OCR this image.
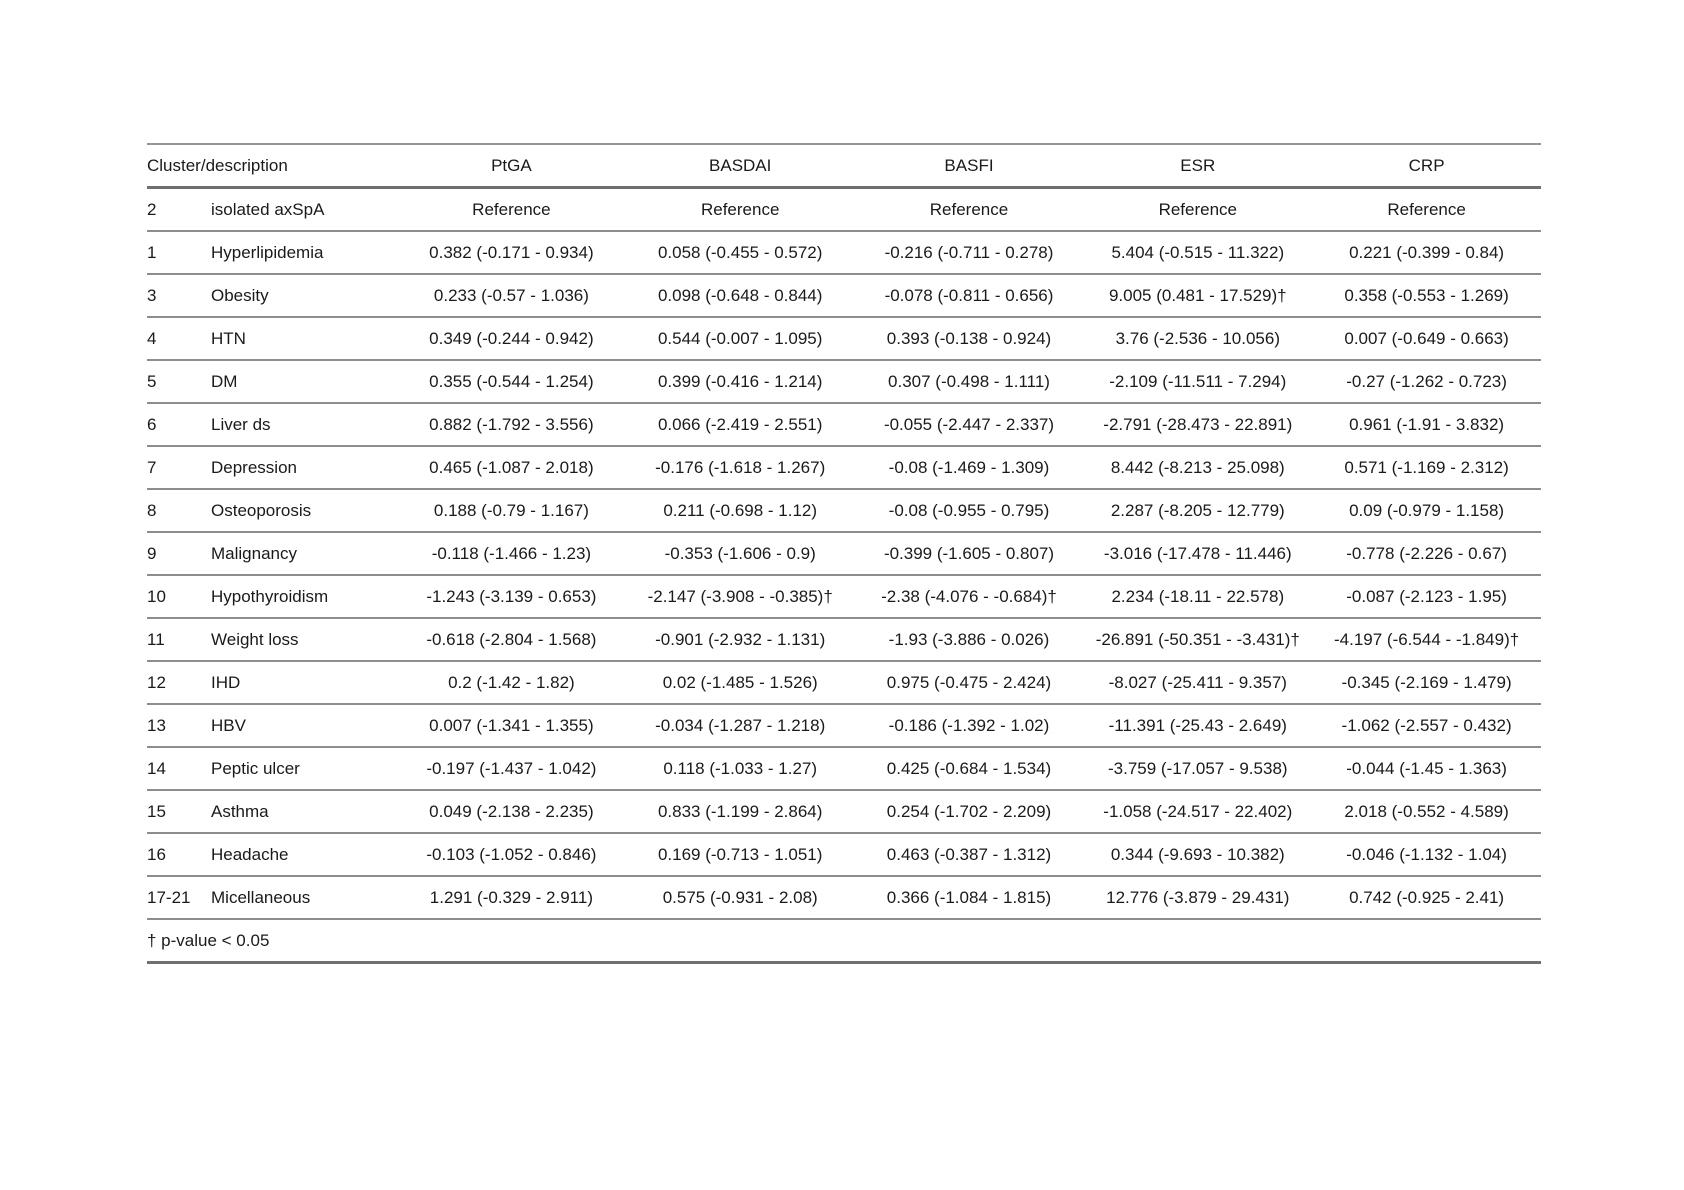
Cluster/description		PtGA	BASDAI	BASFI	ESR	CRP
2	isolated axSpA	Reference	Reference	Reference	Reference	Reference
1	Hyperlipidemia	0.382 (-0.171 - 0.934)	0.058 (-0.455 - 0.572)	-0.216 (-0.711 - 0.278)	5.404 (-0.515 - 11.322)	0.221 (-0.399 - 0.84)
3	Obesity	0.233 (-0.57 - 1.036)	0.098 (-0.648 - 0.844)	-0.078 (-0.811 - 0.656)	9.005 (0.481 - 17.529)†	0.358 (-0.553 - 1.269)
4	HTN	0.349 (-0.244 - 0.942)	0.544 (-0.007 - 1.095)	0.393 (-0.138 - 0.924)	3.76 (-2.536 - 10.056)	0.007 (-0.649 - 0.663)
5	DM	0.355 (-0.544 - 1.254)	0.399 (-0.416 - 1.214)	0.307 (-0.498 - 1.111)	-2.109 (-11.511 - 7.294)	-0.27 (-1.262 - 0.723)
6	Liver ds	0.882 (-1.792 - 3.556)	0.066 (-2.419 - 2.551)	-0.055 (-2.447 - 2.337)	-2.791 (-28.473 - 22.891)	0.961 (-1.91 - 3.832)
7	Depression	0.465 (-1.087 - 2.018)	-0.176 (-1.618 - 1.267)	-0.08 (-1.469 - 1.309)	8.442 (-8.213 - 25.098)	0.571 (-1.169 - 2.312)
8	Osteoporosis	0.188 (-0.79 - 1.167)	0.211 (-0.698 - 1.12)	-0.08 (-0.955 - 0.795)	2.287 (-8.205 - 12.779)	0.09 (-0.979 - 1.158)
9	Malignancy	-0.118 (-1.466 - 1.23)	-0.353 (-1.606 - 0.9)	-0.399 (-1.605 - 0.807)	-3.016 (-17.478 - 11.446)	-0.778 (-2.226 - 0.67)
10	Hypothyroidism	-1.243 (-3.139 - 0.653)	-2.147 (-3.908 - -0.385)†	-2.38 (-4.076 - -0.684)†	2.234 (-18.11 - 22.578)	-0.087 (-2.123 - 1.95)
11	Weight loss	-0.618 (-2.804 - 1.568)	-0.901 (-2.932 - 1.131)	-1.93 (-3.886 - 0.026)	-26.891 (-50.351 - -3.431)†	-4.197 (-6.544 - -1.849)†
12	IHD	0.2 (-1.42 - 1.82)	0.02 (-1.485 - 1.526)	0.975 (-0.475 - 2.424)	-8.027 (-25.411 - 9.357)	-0.345 (-2.169 - 1.479)
13	HBV	0.007 (-1.341 - 1.355)	-0.034 (-1.287 - 1.218)	-0.186 (-1.392 - 1.02)	-11.391 (-25.43 - 2.649)	-1.062 (-2.557 - 0.432)
14	Peptic ulcer	-0.197 (-1.437 - 1.042)	0.118 (-1.033 - 1.27)	0.425 (-0.684 - 1.534)	-3.759 (-17.057 - 9.538)	-0.044 (-1.45 - 1.363)
15	Asthma	0.049 (-2.138 - 2.235)	0.833 (-1.199 - 2.864)	0.254 (-1.702 - 2.209)	-1.058 (-24.517 - 22.402)	2.018 (-0.552 - 4.589)
16	Headache	-0.103 (-1.052 - 0.846)	0.169 (-0.713 - 1.051)	0.463 (-0.387 - 1.312)	0.344 (-9.693 - 10.382)	-0.046 (-1.132 - 1.04)
17-21	Micellaneous	1.291 (-0.329 - 2.911)	0.575 (-0.931 - 2.08)	0.366 (-1.084 - 1.815)	12.776 (-3.879 - 29.431)	0.742 (-0.925 - 2.41)
† p-value < 0.05						
